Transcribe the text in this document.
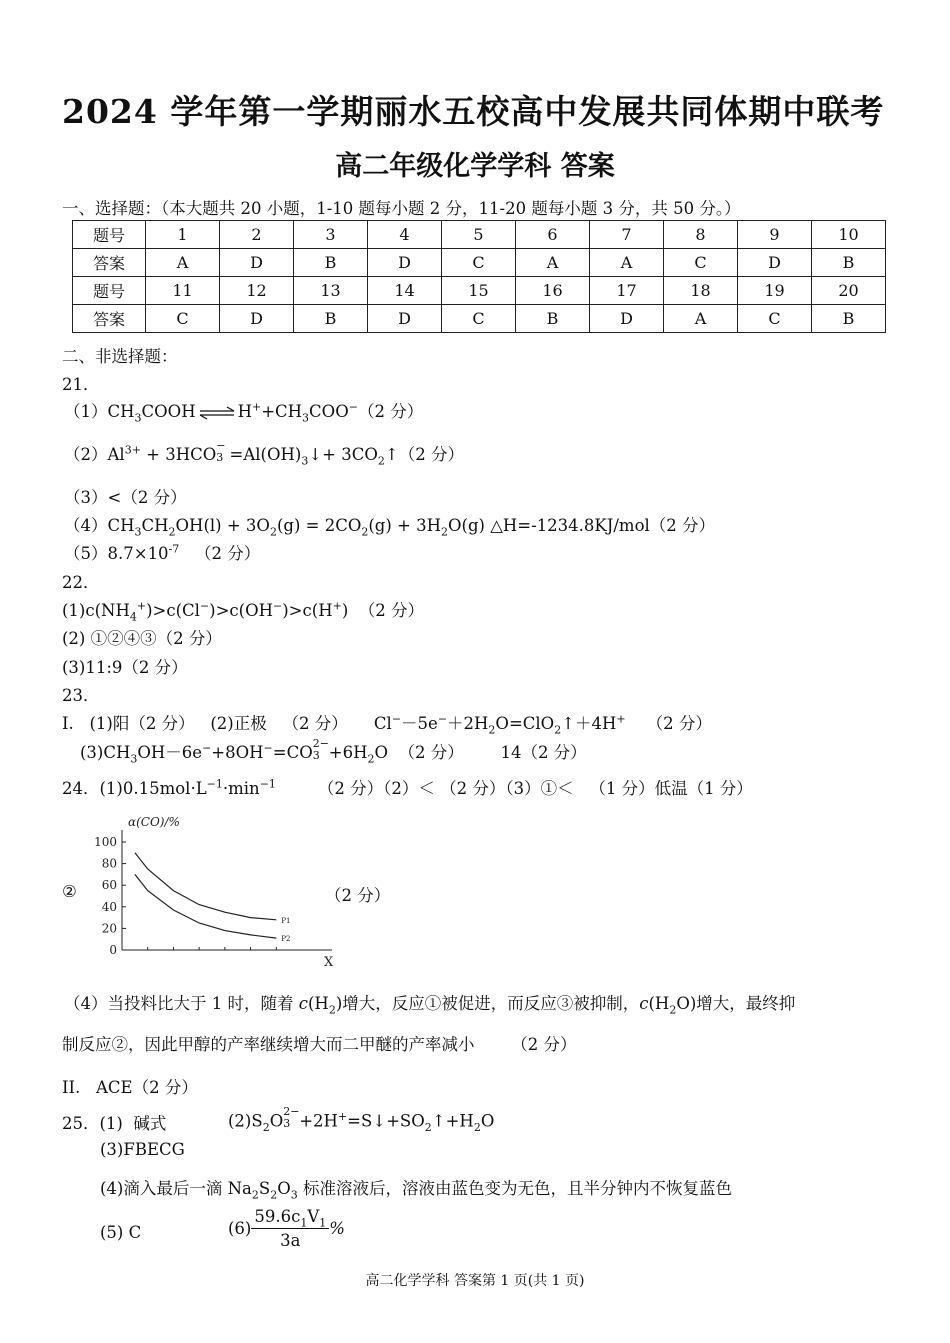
2024 学年第一学期丽水五校高中发展共同体期中联考
高二年级化学学科 答案
一、选择题：（本大题共 20 小题，1-10 题每小题 2 分，11-20 题每小题 3 分，共 50 分。）
题号	1	2	3	4	5	6	7	8	9	10
答案	A	D	B	D	C	A	A	C	D	B
题号	11	12	13	14	15	16	17	18	19	20
答案	C	D	B	D	C	B	D	A	C	B
二、非选择题：
21．
$(1)CH_3COOH$ ⇌ $H^++CH_3COO^-(2$ 分）
$(2)Al^{3+} + 3HCO$ −
$3 =Al(OH)_3↓+$ $3CO_2↑(2$ 分）
（3）<（2 分）
$(4)CH_3CH_2OH(l) + 3O_2(g) = 2CO_2(g) + 3H_2O(g)$ △H=-1234.8KJ/mol（2 分）
$(5)8.7\times 10^{-7}$   （2 分）
22．
$(1)c(NH_4^+)>c(Cl^-)>c(OH^-)>c(H^+)$  （2 分）
(2) ①②④③（2 分）
(3)11:9（2 分）
23．
I.   (1)阳（2 分）   (2)正极   （2 分）     $Cl^--5e^-+2H_2O=ClO_2↑+4H^+$    （2 分）
$(3)CH_3OH-6e^-+8OH^-=CO$ 2−
$3 +6H_2O$  （2 分）       14（2 分）
24．$(1)0.15mol\cdot L^{-1}\cdot\min^{-1}$        （2 分）（2）＜ （2 分）（3）①＜   （1 分）低温（1 分）
②
100
80
60
40
20
0
α(CO)/%
X
P1
P2
（2 分）
（4）当投料比大于 1 时，随着 $c(H_2)$增大，反应①被促进，而反应③被抑制，$c(H_2O)$增大，最终抑
制反应②，因此甲醇的产率继续增大而二甲醚的产率减小       （2 分）
II.   ACE（2 分）
25．(1)  碱式	$(2)S_2O$ 2−
$3 +2H^+=S↓+SO_2↑+H_2O$
(3)FBECG
(4)滴入最后一滴 $Na_2S_2O_3$ 标准溶液后，溶液由蓝色变为无色，且半分钟内不恢复蓝色
(5) C	$(6) \frac{59.6c_1V_1}{3a}$ %
高二化学学科 答案第 1 页(共 1 页)
